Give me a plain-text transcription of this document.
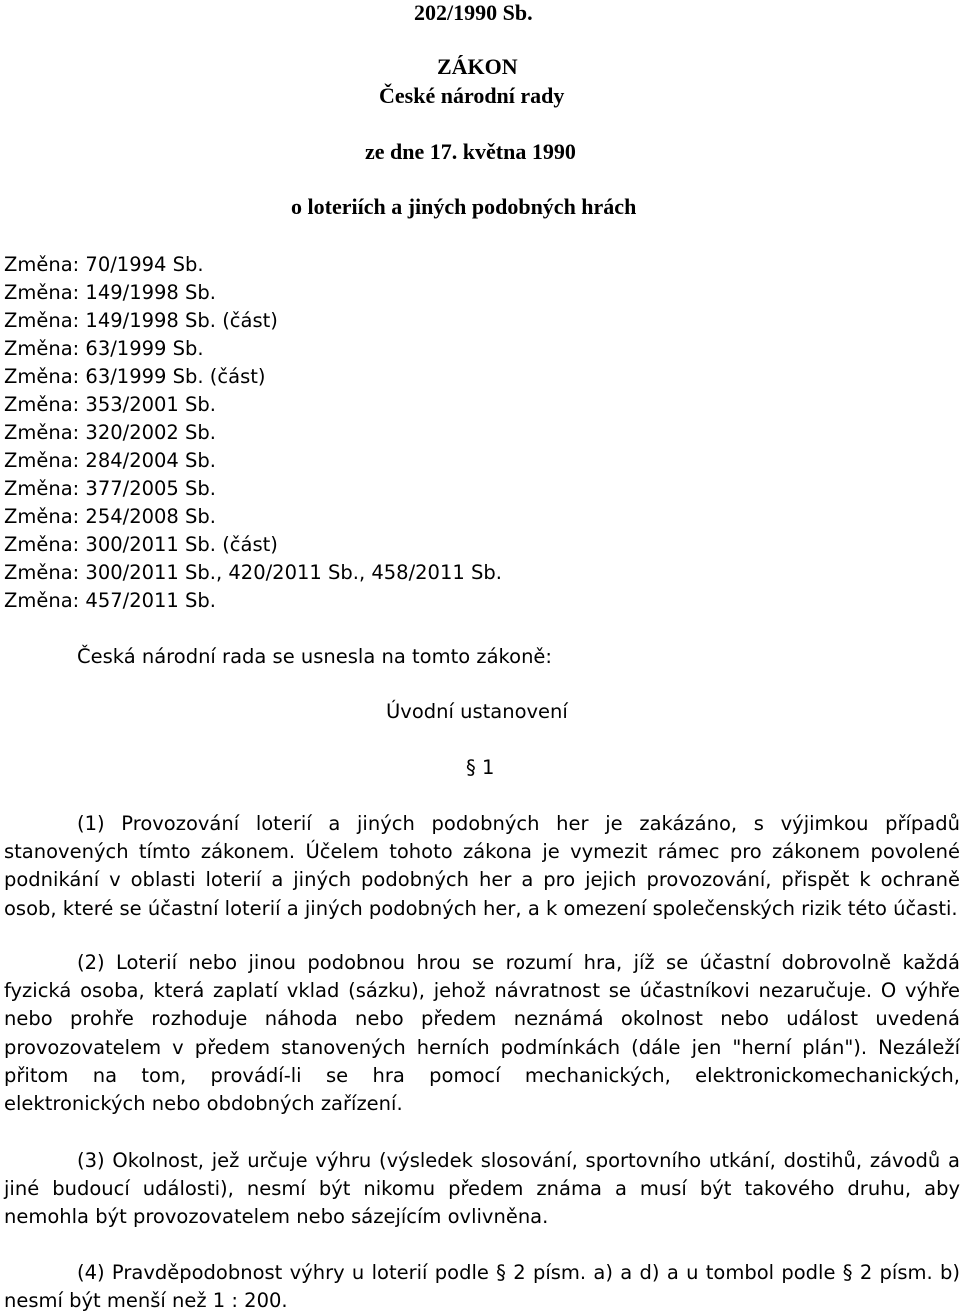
202/1990 Sb.
ZÁKON
České národní rady
ze dne 17. května 1990
o loteriích a jiných podobných hrách
Změna: 70/1994 Sb.
Změna: 149/1998 Sb.
Změna: 149/1998 Sb. (část)
Změna: 63/1999 Sb.
Změna: 63/1999 Sb. (část)
Změna: 353/2001 Sb.
Změna: 320/2002 Sb.
Změna: 284/2004 Sb.
Změna: 377/2005 Sb.
Změna: 254/2008 Sb.
Změna: 300/2011 Sb. (část)
Změna: 300/2011 Sb., 420/2011 Sb., 458/2011 Sb.
Změna: 457/2011 Sb.
Česká národní rada se usnesla na tomto zákoně:
Úvodní ustanovení
§ 1

(1) Provozování loterií a jiných podobných her je zakázáno, s výjimkou případů stanovených tímto zákonem. Účelem tohoto zákona je vymezit rámec pro zákonem povolené podnikání v oblasti loterií a jiných podobných her a pro jejich provozování, přispět k ochraně osob, které se účastní loterií a jiných podobných her, a k omezení společenských rizik této účasti.

(2) Loterií nebo jinou podobnou hrou se rozumí hra, jíž se účastní dobrovolně každá fyzická osoba, která zaplatí vklad (sázku), jehož návratnost se účastníkovi nezaručuje. O výhře nebo prohře rozhoduje náhoda nebo předem neznámá okolnost nebo událost uvedená provozovatelem v předem stanovených herních podmínkách (dále jen "herní plán"). Nezáleží přitom na tom, provádí-li se hra pomocí mechanických, elektronickomechanických, elektronických nebo obdobných zařízení.

(3) Okolnost, jež určuje výhru (výsledek slosování, sportovního utkání, dostihů, závodů a jiné budoucí události), nesmí být nikomu předem známa a musí být takového druhu, aby nemohla být provozovatelem nebo sázejícím ovlivněna.

(4) Pravděpodobnost výhry u loterií podle § 2 písm. a) a d) a u tombol podle § 2 písm. b) nesmí být menší než 1 : 200.
